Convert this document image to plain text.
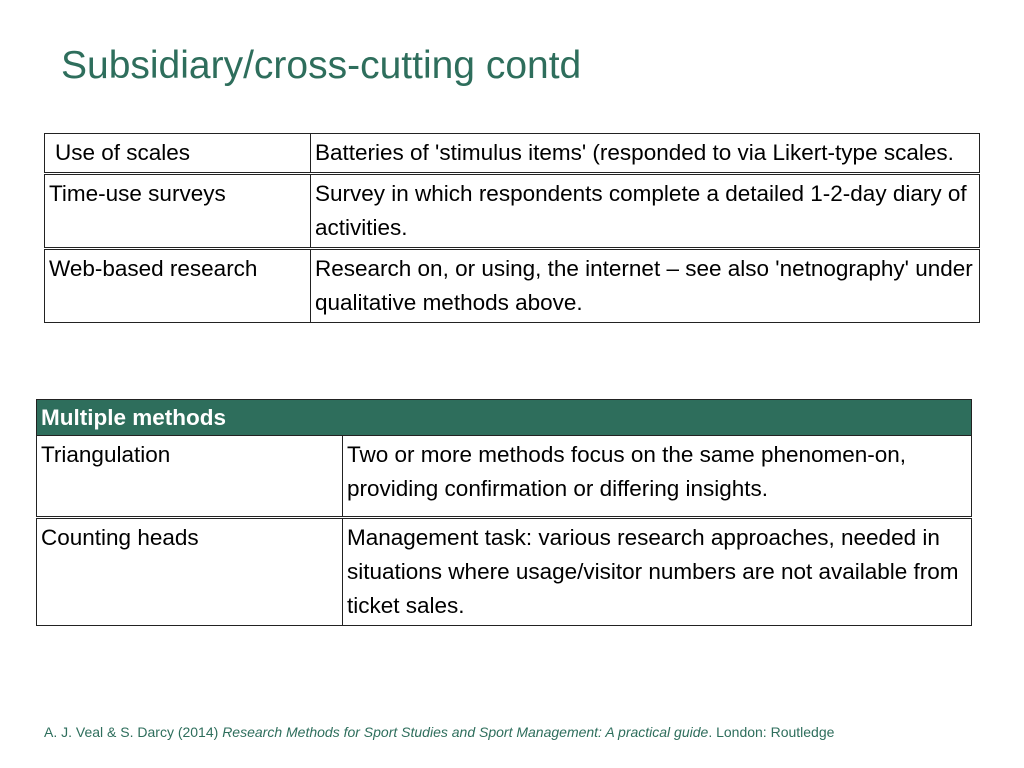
Subsidiary/cross-cutting contd
Use of scales	Batteries of 'stimulus items' (responded to via Likert-type scales.
Time-use surveys	Survey in which respondents complete a detailed 1-2-day diary of activities.
Web-based research	Research on, or using, the internet – see also 'netnography' under qualitative methods above.
Multiple methods	
Triangulation	Two or more methods focus on the same phenomen-on, providing confirmation or differing insights.
Counting heads	Management task: various research approaches, needed in situations where usage/visitor numbers are not available from ticket sales.
A. J. Veal & S. Darcy (2014) Research Methods for Sport Studies and Sport Management: A practical guide. London: Routledge
